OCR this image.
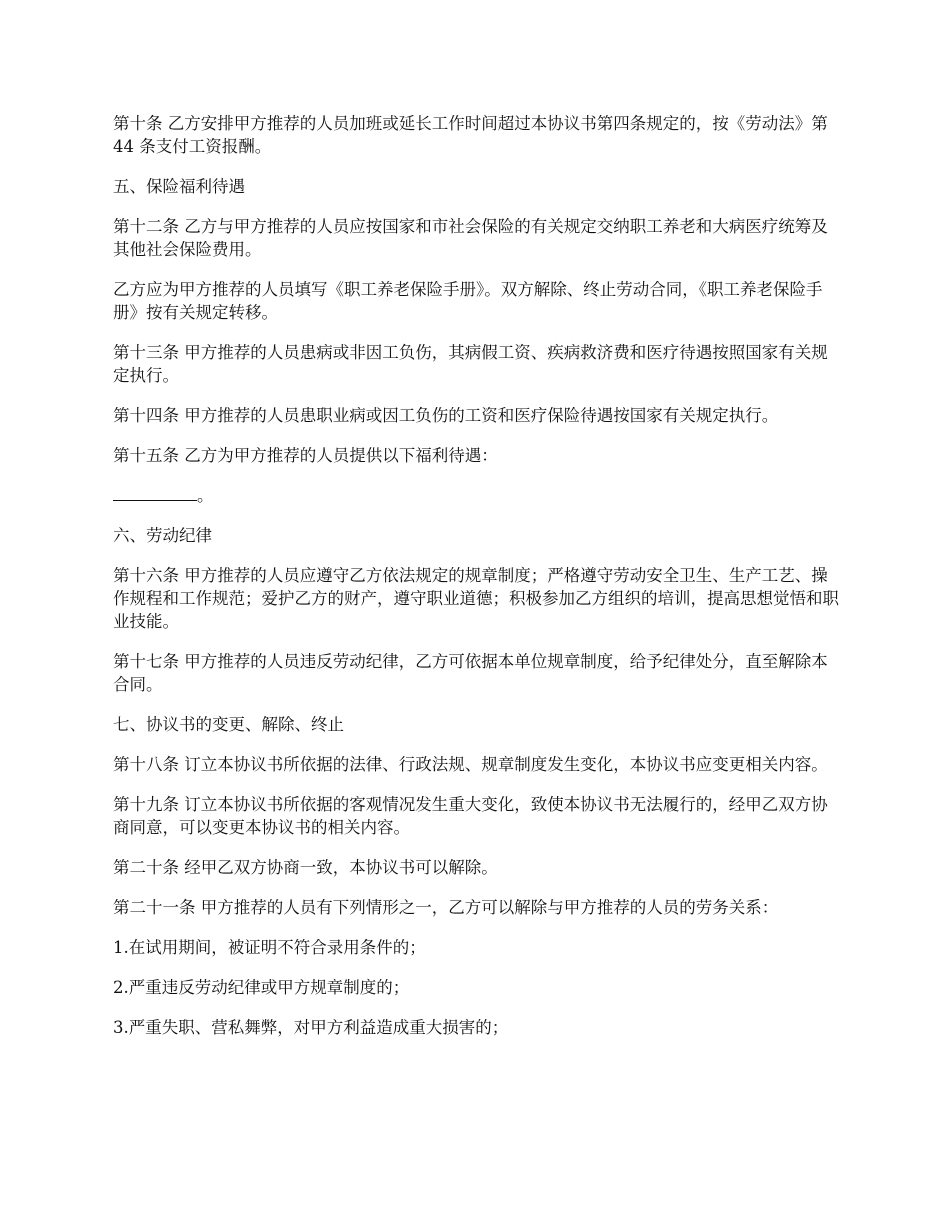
第十条 乙方安排甲方推荐的人员加班或延长工作时间超过本协议书第四条规定的，按《劳动法》第 44 条支付工资报酬。

五、保险福利待遇

第十二条 乙方与甲方推荐的人员应按国家和市社会保险的有关规定交纳职工养老和大病医疗统筹及其他社会保险费用。

乙方应为甲方推荐的人员填写《职工养老保险手册》。双方解除、终止劳动合同，《职工养老保险手册》按有关规定转移。

第十三条 甲方推荐的人员患病或非因工负伤，其病假工资、疾病救济费和医疗待遇按照国家有关规定执行。

第十四条 甲方推荐的人员患职业病或因工负伤的工资和医疗保险待遇按国家有关规定执行。

第十五条 乙方为甲方推荐的人员提供以下福利待遇：

。

六、劳动纪律

第十六条 甲方推荐的人员应遵守乙方依法规定的规章制度；严格遵守劳动安全卫生、生产工艺、操作规程和工作规范；爱护乙方的财产，遵守职业道德；积极参加乙方组织的培训，提高思想觉悟和职业技能。

第十七条 甲方推荐的人员违反劳动纪律，乙方可依据本单位规章制度，给予纪律处分，直至解除本合同。

七、协议书的变更、解除、终止

第十八条 订立本协议书所依据的法律、行政法规、规章制度发生变化，本协议书应变更相关内容。

第十九条 订立本协议书所依据的客观情况发生重大变化，致使本协议书无法履行的，经甲乙双方协商同意，可以变更本协议书的相关内容。

第二十条 经甲乙双方协商一致，本协议书可以解除。

第二十一条 甲方推荐的人员有下列情形之一，乙方可以解除与甲方推荐的人员的劳务关系：

1.在试用期间，被证明不符合录用条件的；

2.严重违反劳动纪律或甲方规章制度的；

3.严重失职、营私舞弊，对甲方利益造成重大损害的；
